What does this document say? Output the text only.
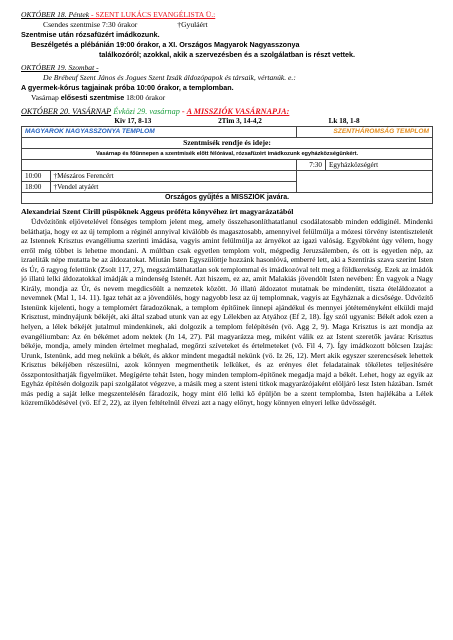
OKTÓBER 18. Péntek - SZENT LUKÁCS EVANGÉLISTA Ü.:
Csendes szentmise 7:30 órakor	†Gyuláért
Szentmise után rózsafüzért imádkozunk.
Beszélgetés a plébánián 19:00 órakor, a XI. Országos Magyarok Nagyasszonya
találkozóról; azokkal, akik a szervezésben és a szolgálatban is részt vettek.
OKTÓBER 19. Szombat -
De Brébeuf Szent János és Jogues Szent Izsák áldozópapok és társaik, vértanúk. e.:
A gyermek-kórus tagjainak próba 10:00 órakor, a templomban.
Vasárnap elősesti szentmise 18:00 órakor
OKTÓBER 20. VASÁRNAP Évközi 29. vasárnap - A MISSZIÓK VASÁRNAPJA:
Kiv 17, 8-13	2Tim 3, 14-4,2	Lk 18, 1-8
MAGYAROK NAGYASSZONYA TEMPLOM		SZENTHÁROMSÁG TEMPLOM	
Szentmisék rendje és ideje:			
Vasárnap és főünnepen a szentmisék előtt félórával, rózsafüzért imádkozunk egyházközségünkért.			
		7:30	Egyházközségért
10:00	†Mészáros Ferencért		
18:00	†Vendel atyáért		
Országos gyűjtés a MISSZIÓK javára.			
Alexandriai Szent Cirill püspöknek Aggeus próféta könyvéhez írt magyarázatából

Üdvözítőnk eljövetelével fönséges templom jelent meg, amely összehasonlíthatatlanul csodálatosabb minden eddiginél. Mindenki beláthatja, hogy ez az új templom a réginél annyival kiválóbb és magasztosabb, amennyivel felülmúlja a mózesi törvény istentiszteletét az Istennek Krisztus evangéliuma szerinti imádása, vagyis amint felülmúlja az árnyékot az igazi valóság. Egyébként úgy vélem, hogy erről még többet is lehetne mondani. A múltban csak egyetlen templom volt, mégpedig Jeruzsálemben, és ott is egyetlen nép, az izraeliták népe mutatta be az áldozatokat. Miután Isten Egyszülöttje hozzánk hasonlóvá, emberré lett, aki a Szentírás szava szerint Isten és Úr, ő ragyog felettünk (Zsolt 117, 27), megszámlálhatatlan sok templommal és imádkozóval telt meg a földkerekség. Ezek az imádók jó illatú lelki áldozatokkal imádják a mindenség Istenét. Azt hiszem, ez az, amit Malakiás jövendölt Isten nevében: Én vagyok a Nagy Király, mondja az Úr, és nevem megdicsőült a nemzetek között. Jó illatú áldozatot mutatnak be mindenütt, tiszta ételáldozatot a nevemnek (Mal 1, 14. 11). Igaz tehát az a jövendölés, hogy nagyobb lesz az új templomnak, vagyis az Egyháznak a dicsősége. Üdvözítő Istenünk kijelenti, hogy a templomért fáradozóknak, a templom építőinek íinnepi ajándékul és mennyei jótéteményként elküldi majd Krisztust, mindnyájunk békéjét, aki által szabad utunk van az egy Lélekben az Atyához (Ef 2, 18). Így szól ugyanis: Békét adok ezen a helyen, a lélek békéjét jutalmul mindenkinek, aki dolgozik a templom felépítésén (vö. Agg 2, 9). Maga Krisztus is azt mondja az evangéliumban: Az én békémet adom nektek (Jn 14, 27). Pál magyarázza meg, miként válik ez az Istent szeretők javára: Krisztus békéje, mondja, amely minden értelmet meghalad, megőrzi szíveteket és értelmeteket (vö. Fil 4, 7). Így imádkozott bölcsen Izajás: Urunk, Istenünk, add meg nekünk a békét, és akkor mindent megadtál nekünk (vö. Iz 26, 12). Mert akik egyszer szerencsések lehettek Krisztus békéjében részesülni, azok könnyen megmenthetik lelküket, és az erényes élet feladatainak tökéletes teljesítésére összpontosíthatják figyelmüket. Megígérte tehát Isten, hogy minden templom-építőnek megadja majd a békét. Lehet, hogy az egyik az Egyház építésén dolgozik papi szolgálatot végezve, a másik meg a szent isteni titkok magyarázójaként elöljáró lesz Isten házában. Ismét más pedig a saját lelke megszentelésén fáradozik, hogy mint élő lelki kő épüljön be a szent templomba, Isten hajlékába a Lélek közreműködésével (vö. Ef 2, 22), az ilyen feltételnül élvezi azt a nagy előnyt, hogy könnyen elnyeri lelke üdvösségét.
